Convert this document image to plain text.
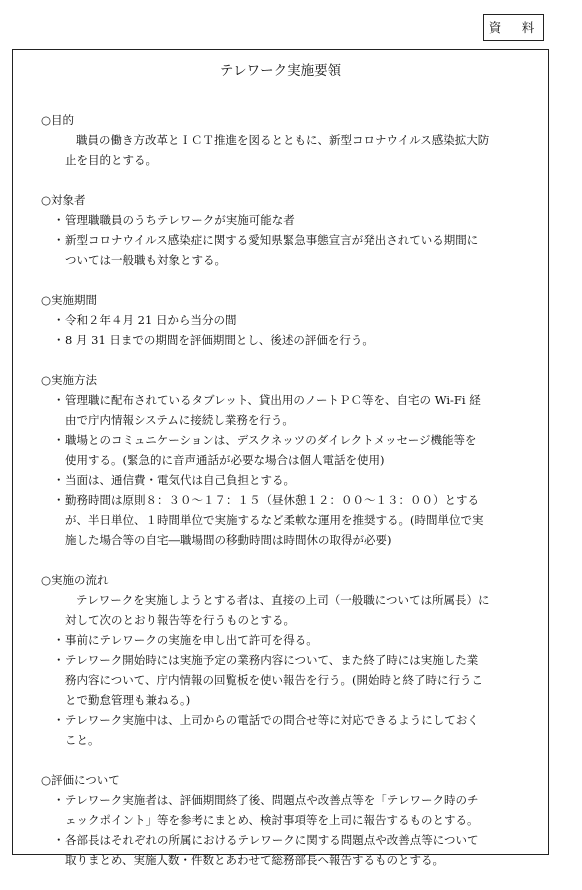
資　料
テレワーク実施要領
○目的
職員の働き方改革とＩＣＴ推進を図るとともに、新型コロナウイルス感染拡大防
止を目的とする。
○対象者
・ 管理職職員のうちテレワークが実施可能な者
・ 新型コロナウイルス感染症に関する愛知県緊急事態宣言が発出されている期間に
ついては一般職も対象とする。
○実施期間
・ 令和２年４月 21 日から当分の間
・ 8 月 31 日までの期間を評価期間とし、後述の評価を行う。
○実施方法
・ 管理職に配布されているタブレット、貸出用のノートＰＣ等を、自宅の Wi-Fi 経
由で庁内情報システムに接続し業務を行う。
・ 職場とのコミュニケーションは、デスクネッツのダイレクトメッセージ機能等を
使用する。(緊急的に音声通話が必要な場合は個人電話を使用)
・ 当面は、通信費・電気代は自己負担とする。
・ 勤務時間は原則８：３０～１７：１５（昼休憩１２：００～１３：００）とする
が、半日単位、１時間単位で実施するなど柔軟な運用を推奨する。(時間単位で実
施した場合等の自宅―職場間の移動時間は時間休の取得が必要)
○実施の流れ
テレワークを実施しようとする者は、直接の上司（一般職については所属長）に
対して次のとおり報告等を行うものとする。
・ 事前にテレワークの実施を申し出て許可を得る。
・ テレワーク開始時には実施予定の業務内容について、また終了時には実施した業
務内容について、庁内情報の回覧板を使い報告を行う。(開始時と終了時に行うこ
とで勤怠管理も兼ねる。)
・ テレワーク実施中は、上司からの電話での問合せ等に対応できるようにしておく
こと。
○評価について
・ テレワーク実施者は、評価期間終了後、問題点や改善点等を「テレワーク時のチ
ェックポイント」等を参考にまとめ、検討事項等を上司に報告するものとする。
・ 各部長はそれぞれの所属におけるテレワークに関する問題点や改善点等について
取りまとめ、実施人数・件数とあわせて総務部長へ報告するものとする。
